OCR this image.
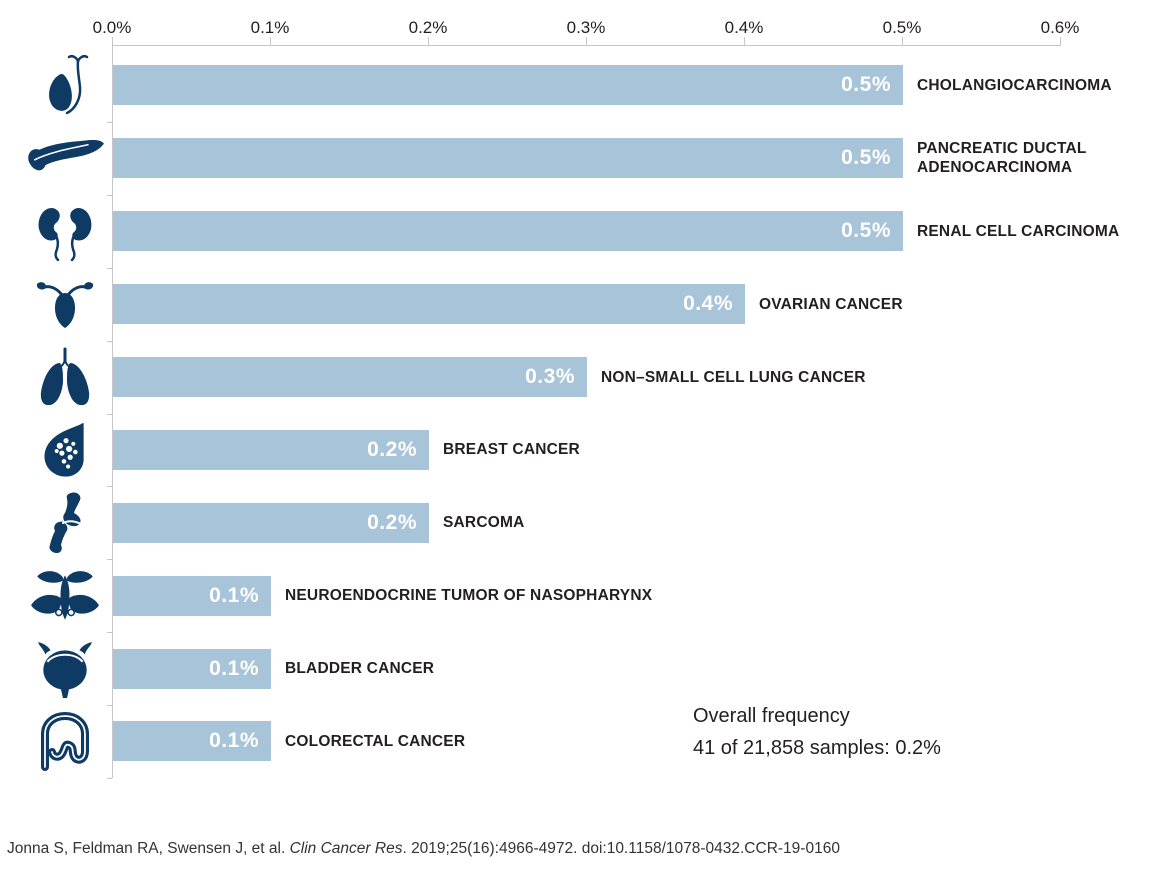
0.0%	0.1%	0.2%	0.3%	0.4%	0.5%	0.6%
0.5% CHOLANGIOCARCINOMA
0.5% PANCREATIC DUCTAL
ADENOCARCINOMA
0.5% RENAL CELL CARCINOMA
0.4% OVARIAN CANCER
0.3% NON–SMALL CELL LUNG CANCER
0.2% BREAST CANCER
0.2% SARCOMA
0.1% NEUROENDOCRINE TUMOR OF NASOPHARYNX
0.1% BLADDER CANCER
0.1% COLORECTAL CANCER
Overall frequency
41 of 21,858 samples: 0.2%
Jonna S, Feldman RA, Swensen J, et al. Clin Cancer Res. 2019;25(16):4966-4972. doi:10.1158/1078-0432.CCR-19-0160
